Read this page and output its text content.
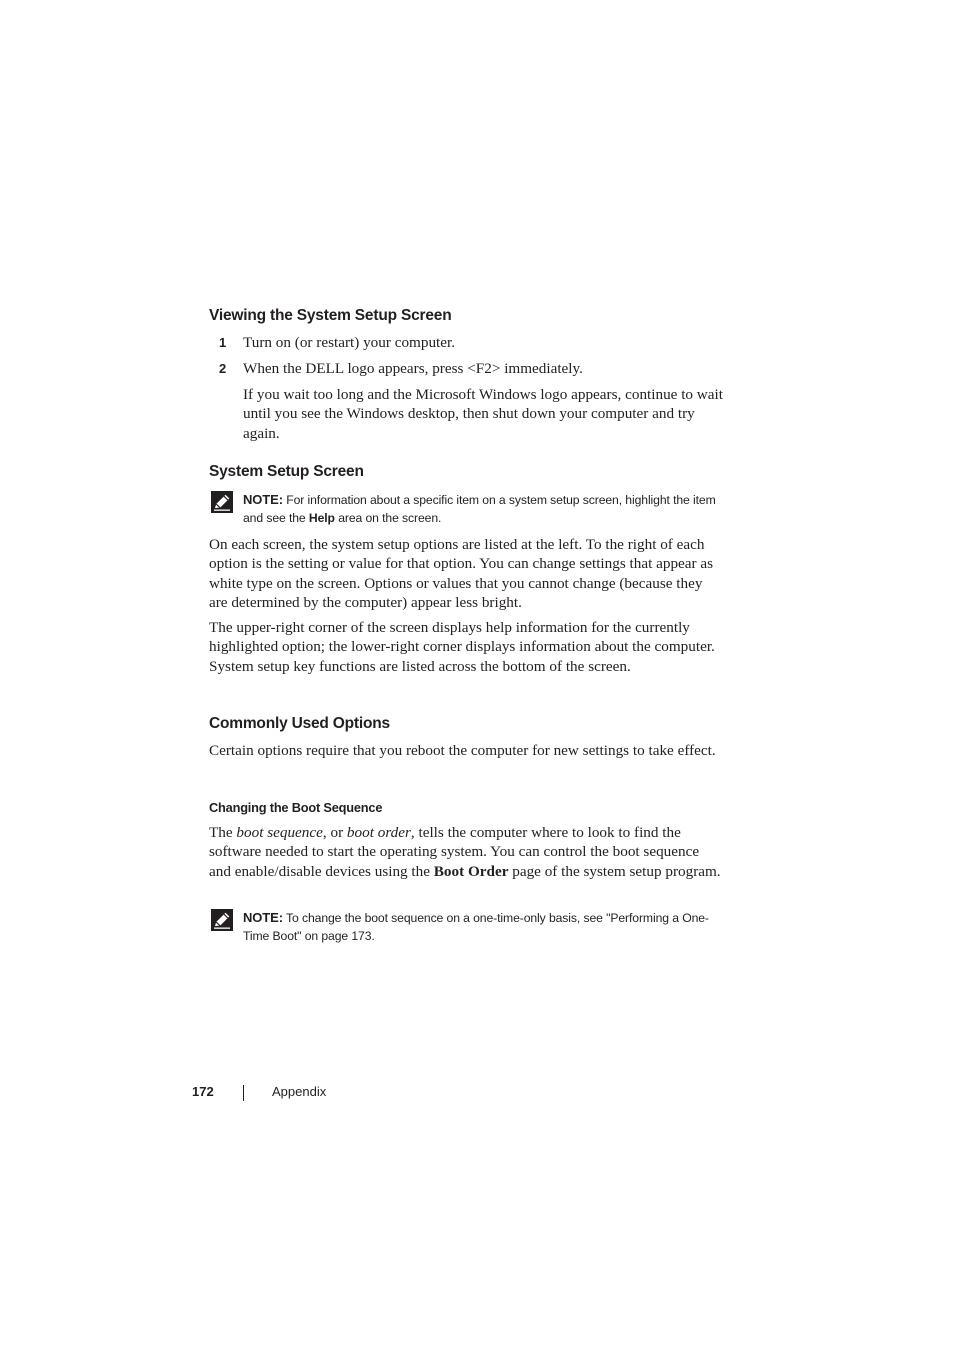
Viewing the System Setup Screen
1 Turn on (or restart) your computer.
2 When the DELL logo appears, press <F2> immediately.

If you wait too long and the Microsoft Windows logo appears, continue to wait until you see the Windows desktop, then shut down your computer and try again.

System Setup Screen
NOTE: For information about a specific item on a system setup screen, highlight the item and see the Help area on the screen.

On each screen, the system setup options are listed at the left. To the right of each option is the setting or value for that option. You can change settings that appear as white type on the screen. Options or values that you cannot change (because they are determined by the computer) appear less bright.

The upper-right corner of the screen displays help information for the currently highlighted option; the lower-right corner displays information about the computer. System setup key functions are listed across the bottom of the screen.

Commonly Used Options

Certain options require that you reboot the computer for new settings to take effect.

Changing the Boot Sequence

The boot sequence, or boot order, tells the computer where to look to find the software needed to start the operating system. You can control the boot sequence and enable/disable devices using the Boot Order page of the system setup program.

NOTE: To change the boot sequence on a one-time-only basis, see "Performing a One-Time Boot" on page 173.
172	Appendix
